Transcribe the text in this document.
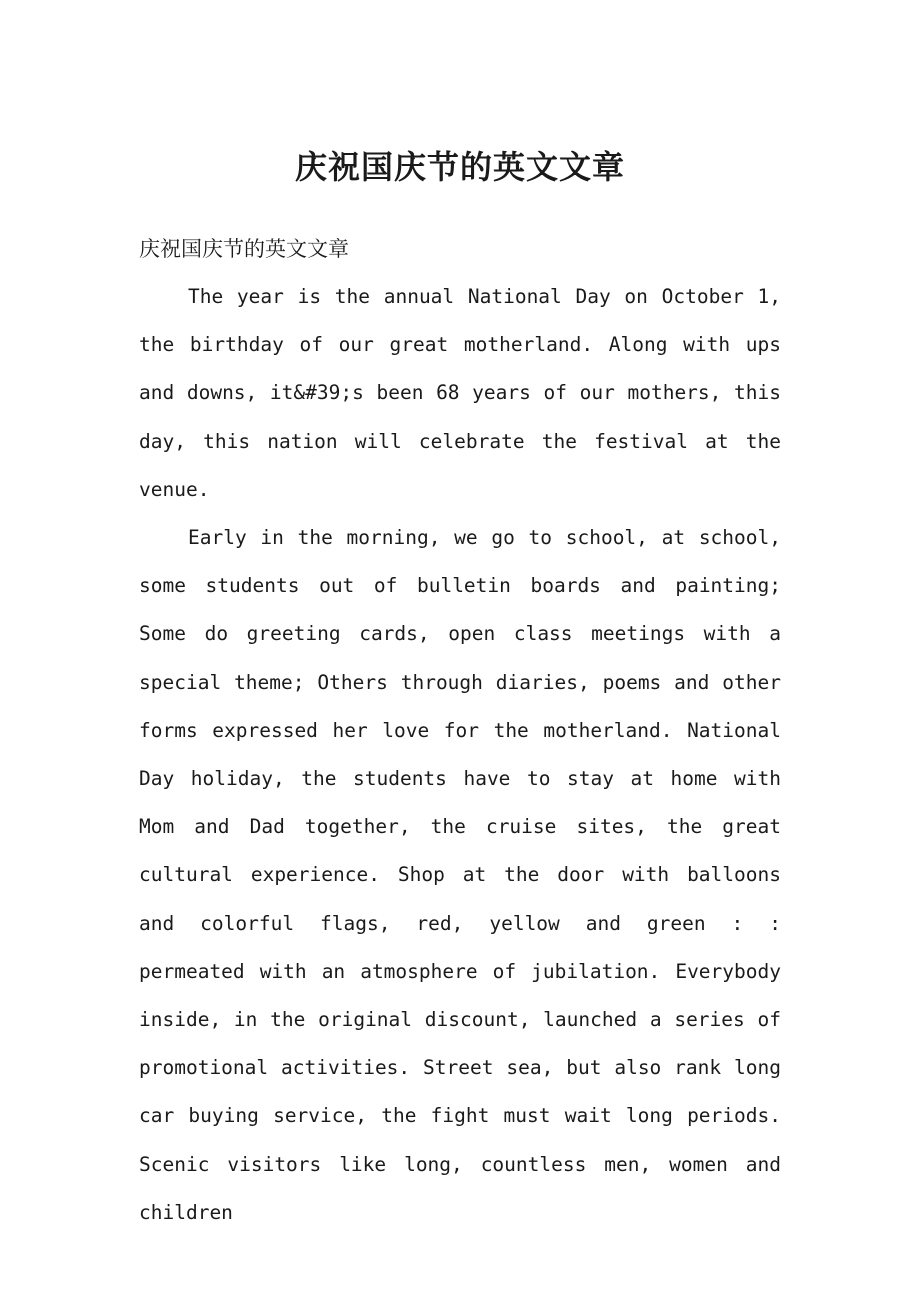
庆祝国庆节的英文文章

庆祝国庆节的英文文章

The year is the annual National Day on October 1, the birthday of our great motherland. Along with ups and downs, it&#39;s been 68 years of our mothers, this day, this nation will celebrate the festival at the venue.

Early in the morning, we go to school, at school, some students out of bulletin boards and painting; Some do greeting cards, open class meetings with a special theme; Others through diaries, poems and other forms expressed her love for the motherland. National Day holiday, the students have to stay at home with Mom and Dad together, the cruise sites, the great cultural experience. Shop at the door with balloons and colorful flags, red, yellow and green : : permeated with an atmosphere of jubilation. Everybody inside, in the original discount, launched a series of promotional activities. Street sea, but also rank long car buying service, the fight must wait long periods. Scenic visitors like long, countless men, women and children
